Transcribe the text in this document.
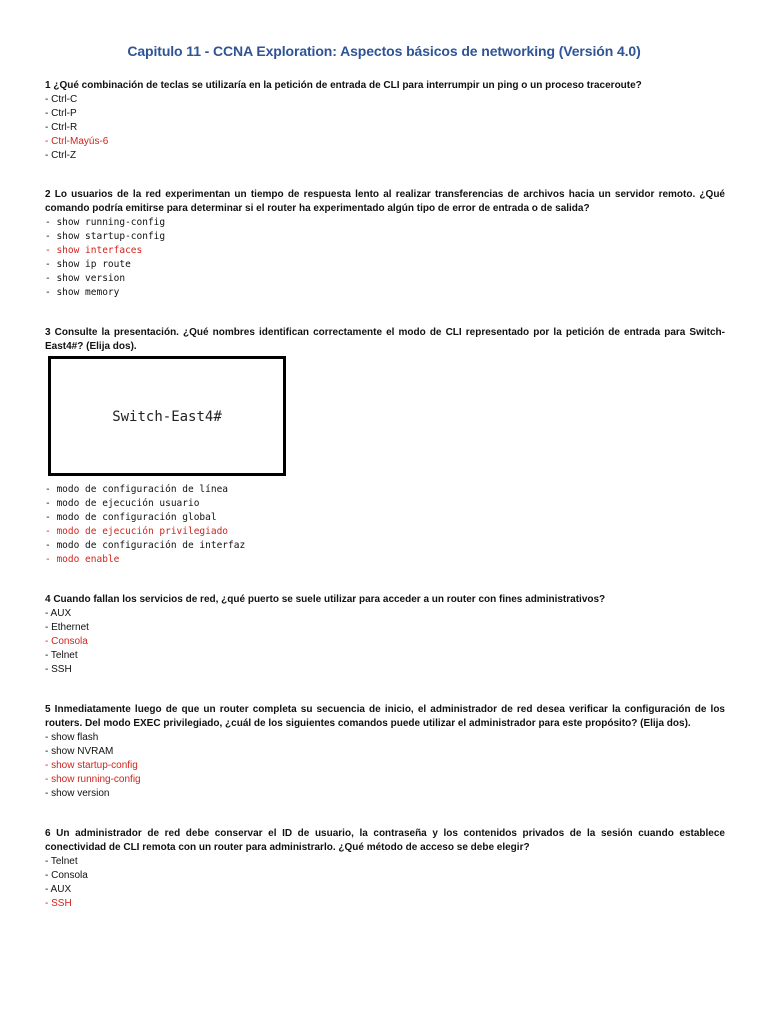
Capitulo 11 - CCNA Exploration: Aspectos básicos de networking (Versión 4.0)
1 ¿Qué combinación de teclas se utilizaría en la petición de entrada de CLI para interrumpir un ping o un proceso traceroute?
- Ctrl-C
- Ctrl-P
- Ctrl-R
- Ctrl-Mayús-6
- Ctrl-Z
2 Lo usuarios de la red experimentan un tiempo de respuesta lento al realizar transferencias de archivos hacia un servidor remoto. ¿Qué comando podría emitirse para determinar si el router ha experimentado algún tipo de error de entrada o de salida?
- show running-config
- show startup-config
- show interfaces
- show ip route
- show version
- show memory
3 Consulte la presentación. ¿Qué nombres identifican correctamente el modo de CLI representado por la petición de entrada para Switch-East4#? (Elija dos).
Switch-East4#
- modo de configuración de línea
- modo de ejecución usuario
- modo de configuración global
- modo de ejecución privilegiado
- modo de configuración de interfaz
- modo enable
4 Cuando fallan los servicios de red, ¿qué puerto se suele utilizar para acceder a un router con fines administrativos?
- AUX
- Ethernet
- Consola
- Telnet
- SSH
5 Inmediatamente luego de que un router completa su secuencia de inicio, el administrador de red desea verificar la configuración de los routers. Del modo EXEC privilegiado, ¿cuál de los siguientes comandos puede utilizar el administrador para este propósito? (Elija dos).
- show flash
- show NVRAM
- show startup-config
- show running-config
- show version
6 Un administrador de red debe conservar el ID de usuario, la contraseña y los contenidos privados de la sesión cuando establece conectividad de CLI remota con un router para administrarlo. ¿Qué método de acceso se debe elegir?
- Telnet
- Consola
- AUX
- SSH
